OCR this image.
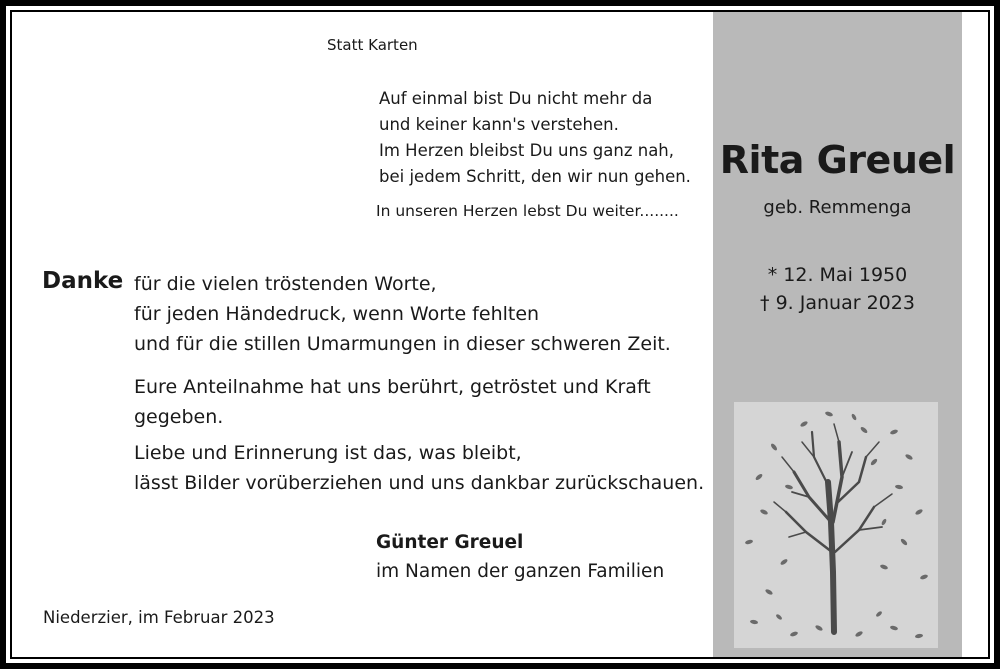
Statt Karten
Auf einmal bist Du nicht mehr da
und keiner kann's verstehen.
Im Herzen bleibst Du uns ganz nah,
bei jedem Schritt, den wir nun gehen.
In unseren Herzen lebst Du weiter........
Danke für die vielen tröstenden Worte,
für jeden Händedruck, wenn Worte fehlten
und für die stillen Umarmungen in dieser schweren Zeit.
Eure Anteilnahme hat uns berührt, getröstet und Kraft
gegeben.
Liebe und Erinnerung ist das, was bleibt,
lässt Bilder vorüberziehen und uns dankbar zurückschauen.
Günter Greuel
im Namen der ganzen Familien
Niederzier, im Februar 2023
Rita Greuel
geb. Remmenga
* 12. Mai 1950
† 9. Januar 2023
